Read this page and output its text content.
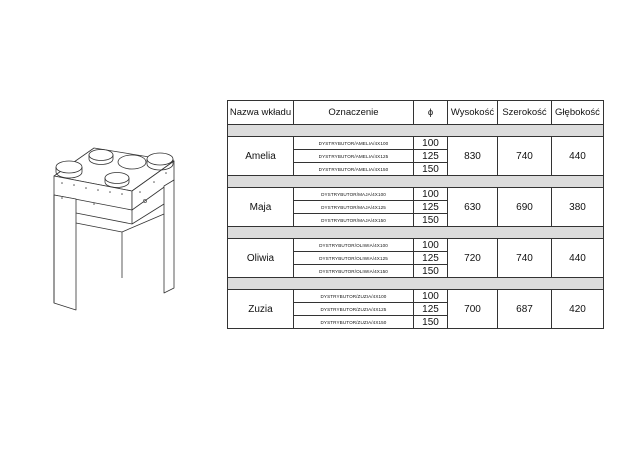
Nazwa wkładu	Oznaczenie	ɸ	Wysokość	Szerokość	Głębokość

Amelia	DYSTRYBUTOR/AMELIA/4X100	100	830	740	440
	DYSTRYBUTOR/AMELIA/4X125	125			
	DYSTRYBUTOR/AMELIA/4X150	150			

Maja	DYSTRYBUTOR/MAJA/4X100	100	630	690	380
	DYSTRYBUTOR/MAJA/4X125	125			
	DYSTRYBUTOR/MAJA/4X150	150			

Oliwia	DYSTRYBUTOR/OLIWIA/4X100	100	720	740	440
	DYSTRYBUTOR/OLIWIA/4X125	125			
	DYSTRYBUTOR/OLIWIA/4X150	150			

Zuzia	DYSTRYBUTOR/ZUZIA/4X100	100	700	687	420
	DYSTRYBUTOR/ZUZIA/4X125	125			
	DYSTRYBUTOR/ZUZIA/4X150	150			
